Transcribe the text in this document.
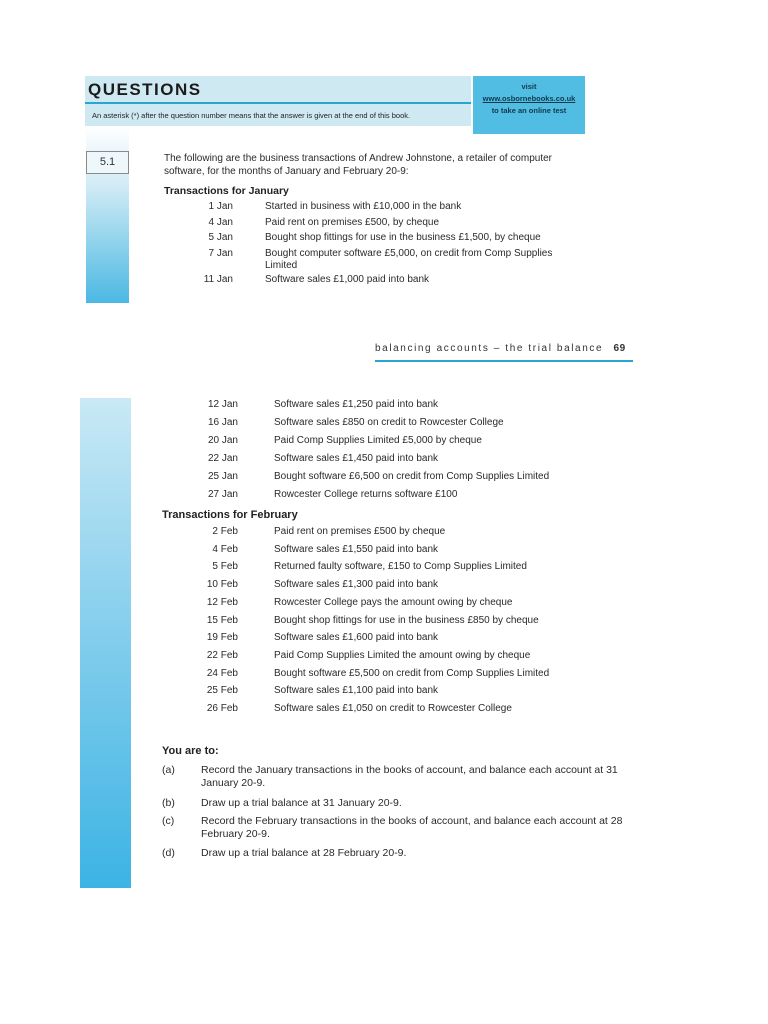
QUESTIONS
An asterisk (*) after the question number means that the answer is given at the end of this book.
visit
www.osbornebooks.co.uk
to take an online test
5.1	The following are the business transactions of Andrew Johnstone, a retailer of computer software, for the months of January and February 20-9:
Transactions for January
1 Jan	Started in business with £10,000 in the bank
4 Jan	Paid rent on premises £500, by cheque
5 Jan	Bought shop fittings for use in the business £1,500, by cheque
7 Jan	Bought computer software £5,000, on credit from Comp Supplies Limited
11 Jan	Software sales £1,000 paid into bank
balancing accounts – the trial balance 69
12 Jan	Software sales £1,250 paid into bank
16 Jan	Software sales £850 on credit to Rowcester College
20 Jan	Paid Comp Supplies Limited £5,000 by cheque
22 Jan	Software sales £1,450 paid into bank
25 Jan	Bought software £6,500 on credit from Comp Supplies Limited
27 Jan	Rowcester College returns software £100
Transactions for February
2 Feb	Paid rent on premises £500 by cheque
4 Feb	Software sales £1,550 paid into bank
5 Feb	Returned faulty software, £150 to Comp Supplies Limited
10 Feb	Software sales £1,300 paid into bank
12 Feb	Rowcester College pays the amount owing by cheque
15 Feb	Bought shop fittings for use in the business £850 by cheque
19 Feb	Software sales £1,600 paid into bank
22 Feb	Paid Comp Supplies Limited the amount owing by cheque
24 Feb	Bought software £5,500 on credit from Comp Supplies Limited
25 Feb	Software sales £1,100 paid into bank
26 Feb	Software sales £1,050 on credit to Rowcester College
You are to:
(a) Record the January transactions in the books of account, and balance each account at 31 January 20-9.
(b) Draw up a trial balance at 31 January 20-9.
(c)	Record the February transactions in the books of account, and balance each account at 28 February 20-9.
(d) Draw up a trial balance at 28 February 20-9.
